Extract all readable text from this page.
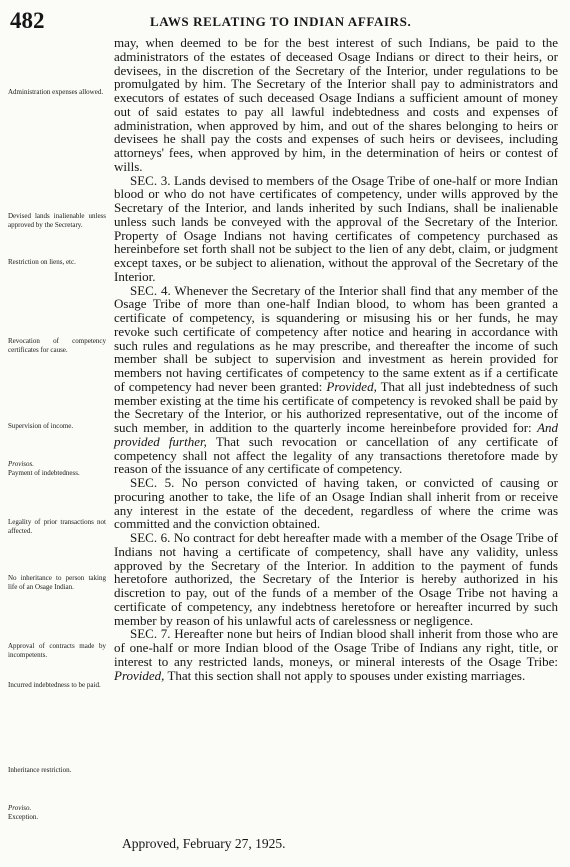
482	LAWS RELATING TO INDIAN AFFAIRS.
Administration expenses allowed.
Devised lands inalienable unless approved by the Secretary.
Restriction on liens, etc.
Revocation of competency certificates for cause.
Supervision of income.
Provisos.
Payment of indebtedness.
Legality of prior transactions not affected.
No inheritance to person taking life of an Osage Indian.
Approval of contracts made by incompetents.
Incurred indebtedness to be paid.
Inheritance restriction.
Proviso.
Exception.

may, when deemed to be for the best interest of such Indians, be paid to the administrators of the estates of deceased Osage Indians or direct to their heirs, or devisees, in the discretion of the Secretary of the Interior, under regulations to be promulgated by him. The Secretary of the Interior shall pay to administrators and executors of estates of such deceased Osage Indians a sufficient amount of money out of said estates to pay all lawful indebtedness and costs and expenses of administration, when approved by him, and out of the shares belonging to heirs or devisees he shall pay the costs and expenses of such heirs or devisees, including attorneys' fees, when approved by him, in the determination of heirs or contest of wills.

SEC. 3. Lands devised to members of the Osage Tribe of one-half or more Indian blood or who do not have certificates of competency, under wills approved by the Secretary of the Interior, and lands inherited by such Indians, shall be inalienable unless such lands be conveyed with the approval of the Secretary of the Interior. Property of Osage Indians not having certificates of competency purchased as hereinbefore set forth shall not be subject to the lien of any debt, claim, or judgment except taxes, or be subject to alienation, without the approval of the Secretary of the Interior.

SEC. 4. Whenever the Secretary of the Interior shall find that any member of the Osage Tribe of more than one-half Indian blood, to whom has been granted a certificate of competency, is squandering or misusing his or her funds, he may revoke such certificate of competency after notice and hearing in accordance with such rules and regulations as he may prescribe, and thereafter the income of such member shall be subject to supervision and investment as herein provided for members not having certificates of competency to the same extent as if a certificate of competency had never been granted: Provided, That all just indebtedness of such member existing at the time his certificate of competency is revoked shall be paid by the Secretary of the Interior, or his authorized representative, out of the income of such member, in addition to the quarterly income hereinbefore provided for: And provided further, That such revocation or cancellation of any certificate of competency shall not affect the legality of any transactions theretofore made by reason of the issuance of any certificate of competency.

SEC. 5. No person convicted of having taken, or convicted of causing or procuring another to take, the life of an Osage Indian shall inherit from or receive any interest in the estate of the decedent, regardless of where the crime was committed and the conviction obtained.

SEC. 6. No contract for debt hereafter made with a member of the Osage Tribe of Indians not having a certificate of competency, shall have any validity, unless approved by the Secretary of the Interior. In addition to the payment of funds heretofore authorized, the Secretary of the Interior is hereby authorized in his discretion to pay, out of the funds of a member of the Osage Tribe not having a certificate of competency, any indebtness heretofore or hereafter incurred by such member by reason of his unlawful acts of carelessness or negligence.

SEC. 7. Hereafter none but heirs of Indian blood shall inherit from those who are of one-half or more Indian blood of the Osage Tribe of Indians any right, title, or interest to any restricted lands, moneys, or mineral interests of the Osage Tribe: Provided, That this section shall not apply to spouses under existing marriages.

Approved, February 27, 1925.
